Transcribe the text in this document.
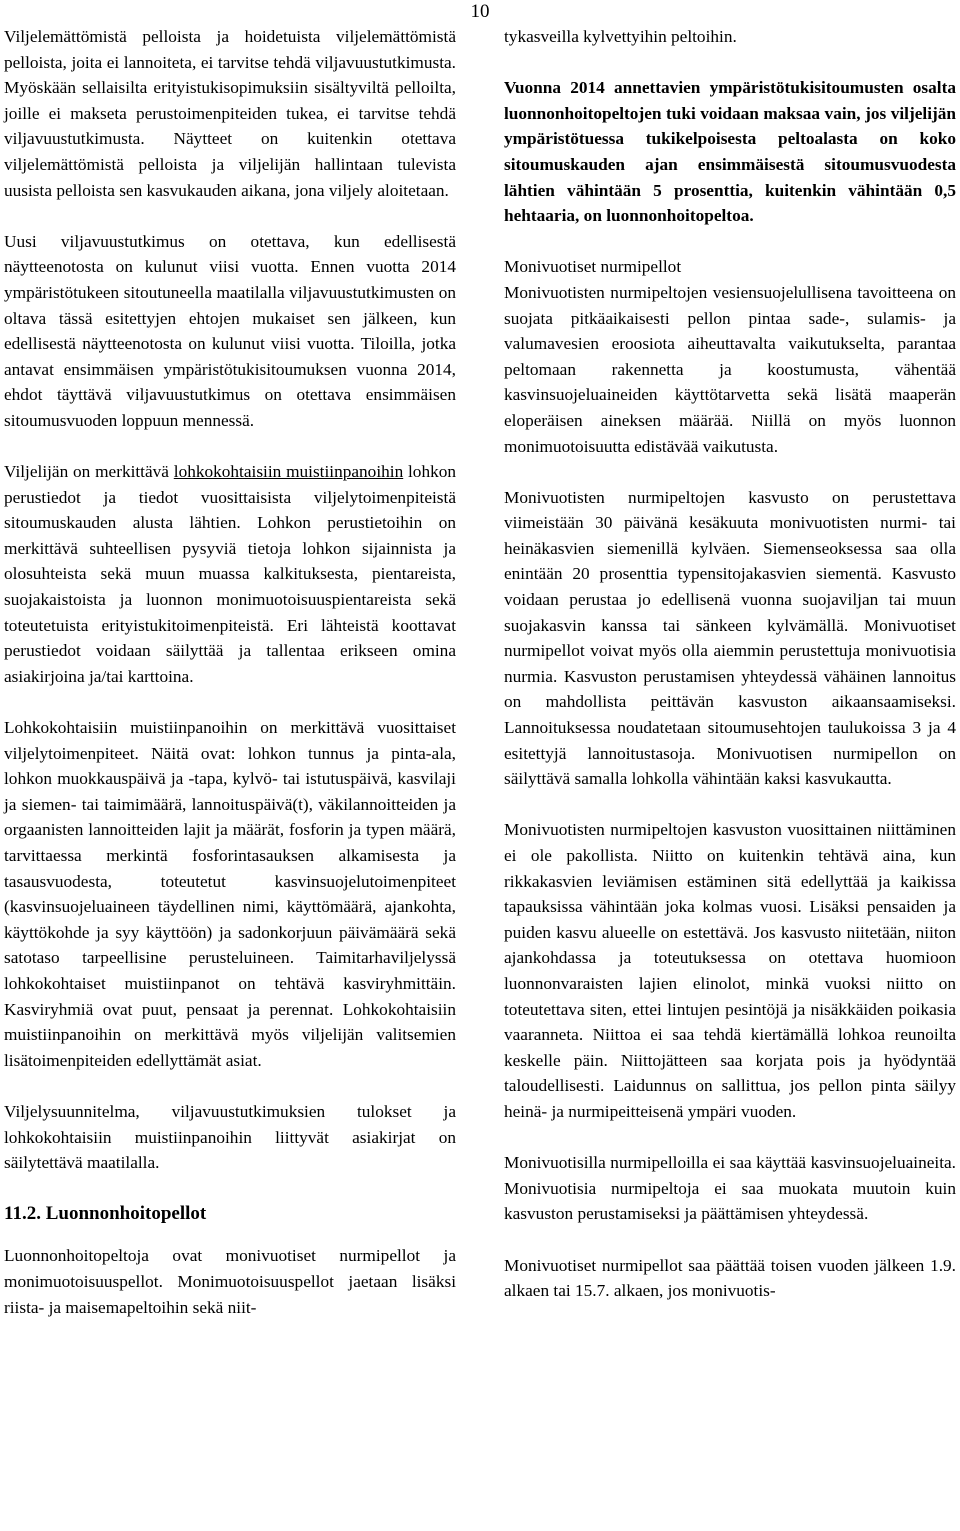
10

Viljelemättömistä pelloista ja hoidetuista viljelemättömistä pelloista, joita ei lannoiteta, ei tarvitse tehdä viljavuustutkimusta. Myöskään sellaisilta erityistukisopimuksiin sisältyviltä pelloilta, joille ei makseta perustoimenpiteiden tukea, ei tarvitse tehdä viljavuustutkimusta. Näytteet on kuitenkin otettava viljelemättömistä pelloista ja viljelijän hallintaan tulevista uusista pelloista sen kasvukauden aikana, jona viljely aloitetaan.

Uusi viljavuustutkimus on otettava, kun edellisestä näytteenotosta on kulunut viisi vuotta. Ennen vuotta 2014 ympäristötukeen sitoutuneella maatilalla viljavuustutkimusten on oltava tässä esitettyjen ehtojen mukaiset sen jälkeen, kun edellisestä näytteenotosta on kulunut viisi vuotta. Tiloilla, jotka antavat ensimmäisen ympäristötukisitoumuksen vuonna 2014, ehdot täyttävä viljavuustutkimus on otettava ensimmäisen sitoumusvuoden loppuun mennessä.

Viljelijän on merkittävä lohkokohtaisiin muistiinpanoihin lohkon perustiedot ja tiedot vuosittaisista viljelytoimenpiteistä sitoumuskauden alusta lähtien. Lohkon perustietoihin on merkittävä suhteellisen pysyviä tietoja lohkon sijainnista ja olosuhteista sekä muun muassa kalkituksesta, pientareista, suojakaistoista ja luonnon monimuotoisuuspientareista sekä toteutetuista erityistukitoimenpiteistä. Eri lähteistä koottavat perustiedot voidaan säilyttää ja tallentaa erikseen omina asiakirjoina ja/tai karttoina.

Lohkokohtaisiin muistiinpanoihin on merkittävä vuosittaiset viljelytoimenpiteet. Näitä ovat: lohkon tunnus ja pinta-ala, lohkon muokkauspäivä ja -tapa, kylvö- tai istutuspäivä, kasvilaji ja siemen- tai taimimäärä, lannoituspäivä(t), väkilannoitteiden ja orgaanisten lannoitteiden lajit ja määrät, fosforin ja typen määrä, tarvittaessa merkintä fosforintasauksen alkamisesta ja tasausvuodesta, toteutetut kasvinsuojelutoimenpiteet (kasvinsuojeluaineen täydellinen nimi, käyttömäärä, ajankohta, käyttökohde ja syy käyttöön) ja sadonkorjuun päivämäärä sekä satotaso tarpeellisine perusteluineen. Taimitarhaviljelyssä lohkokohtaiset muistiinpanot on tehtävä kasviryhmittäin. Kasviryhmiä ovat puut, pensaat ja perennat. Lohkokohtaisiin muistiinpanoihin on merkittävä myös viljelijän valitsemien lisätoimenpiteiden edellyttämät asiat.

Viljelysuunnitelma, viljavuustutkimuksien tulokset ja lohkokohtaisiin muistiinpanoihin liittyvät asiakirjat on säilytettävä maatilalla.

11.2. Luonnonhoitopellot

Luonnonhoitopeltoja ovat monivuotiset nurmipellot ja monimuotoisuuspellot. Monimuotoisuuspellot jaetaan lisäksi riista- ja maisemapeltoihin sekä niit-

tykasveilla kylvettyihin peltoihin.

Vuonna 2014 annettavien ympäristötukisitoumusten osalta luonnonhoitopeltojen tuki voidaan maksaa vain, jos viljelijän ympäristötuessa tukikelpoisesta peltoalasta on koko sitoumuskauden ajan ensimmäisestä sitoumusvuodesta lähtien vähintään 5 prosenttia, kuitenkin vähintään 0,5 hehtaaria, on luonnonhoitopeltoa.

Monivuotiset nurmipellot

Monivuotisten nurmipeltojen vesiensuojelullisena tavoitteena on suojata pitkäaikaisesti pellon pintaa sade-, sulamis- ja valumavesien eroosiota aiheuttavalta vaikutukselta, parantaa peltomaan rakennetta ja koostumusta, vähentää kasvinsuojeluaineiden käyttötarvetta sekä lisätä maaperän eloperäisen aineksen määrää. Niillä on myös luonnon monimuotoisuutta edistävää vaikutusta.

Monivuotisten nurmipeltojen kasvusto on perustettava viimeistään 30 päivänä kesäkuuta monivuotisten nurmi- tai heinäkasvien siemenillä kylväen. Siemenseoksessa saa olla enintään 20 prosenttia typensitojakasvien siementä. Kasvusto voidaan perustaa jo edellisenä vuonna suojaviljan tai muun suojakasvin kanssa tai sänkeen kylvämällä. Monivuotiset nurmipellot voivat myös olla aiemmin perustettuja monivuotisia nurmia. Kasvuston perustamisen yhteydessä vähäinen lannoitus on mahdollista peittävän kasvuston aikaansaamiseksi. Lannoituksessa noudatetaan sitoumusehtojen taulukoissa 3 ja 4 esitettyjä lannoitustasoja. Monivuotisen nurmipellon on säilyttävä samalla lohkolla vähintään kaksi kasvukautta.

Monivuotisten nurmipeltojen kasvuston vuosittainen niittäminen ei ole pakollista. Niitto on kuitenkin tehtävä aina, kun rikkakasvien leviämisen estäminen sitä edellyttää ja kaikissa tapauksissa vähintään joka kolmas vuosi. Lisäksi pensaiden ja puiden kasvu alueelle on estettävä. Jos kasvusto niitetään, niiton ajankohdassa ja toteutuksessa on otettava huomioon luonnonvaraisten lajien elinolot, minkä vuoksi niitto on toteutettava siten, ettei lintujen pesintöjä ja nisäkkäiden poikasia vaaranneta. Niittoa ei saa tehdä kiertämällä lohkoa reunoilta keskelle päin. Niittojätteen saa korjata pois ja hyödyntää taloudellisesti. Laidunnus on sallittua, jos pellon pinta säilyy heinä- ja nurmipeitteisenä ympäri vuoden.

Monivuotisilla nurmipelloilla ei saa käyttää kasvinsuojeluaineita. Monivuotisia nurmipeltoja ei saa muokata muutoin kuin kasvuston perustamiseksi ja päättämisen yhteydessä.

Monivuotiset nurmipellot saa päättää toisen vuoden jälkeen 1.9. alkaen tai 15.7. alkaen, jos monivuotis-
